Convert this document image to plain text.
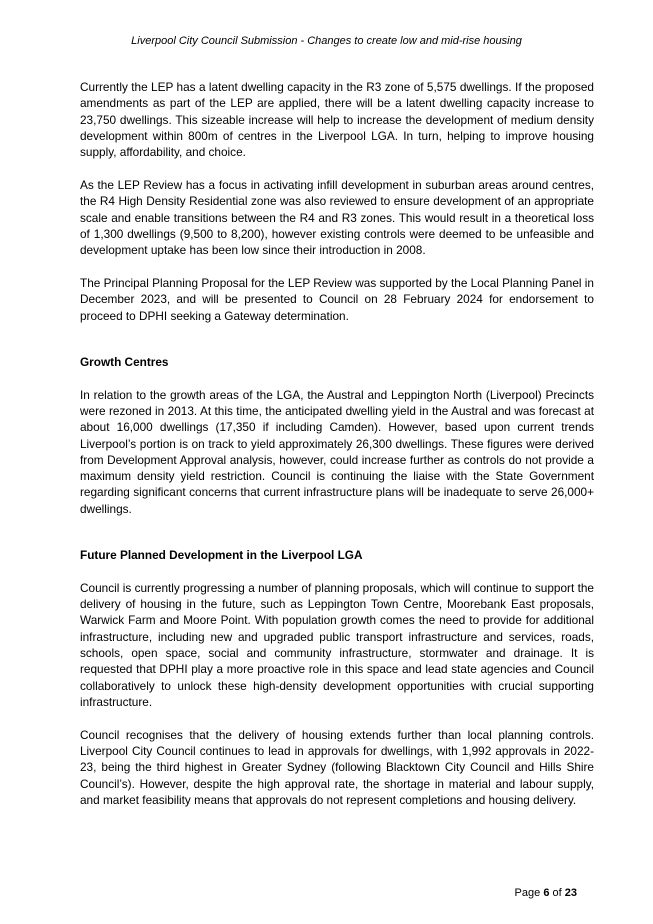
Liverpool City Council Submission - Changes to create low and mid-rise housing

Currently the LEP has a latent dwelling capacity in the R3 zone of 5,575 dwellings. If the proposed amendments as part of the LEP are applied, there will be a latent dwelling capacity increase to 23,750 dwellings. This sizeable increase will help to increase the development of medium density development within 800m of centres in the Liverpool LGA. In turn, helping to improve housing supply, affordability, and choice.

As the LEP Review has a focus in activating infill development in suburban areas around centres, the R4 High Density Residential zone was also reviewed to ensure development of an appropriate scale and enable transitions between the R4 and R3 zones. This would result in a theoretical loss of 1,300 dwellings (9,500 to 8,200), however existing controls were deemed to be unfeasible and development uptake has been low since their introduction in 2008.

The Principal Planning Proposal for the LEP Review was supported by the Local Planning Panel in December 2023, and will be presented to Council on 28 February 2024 for endorsement to proceed to DPHI seeking a Gateway determination.

Growth Centres

In relation to the growth areas of the LGA, the Austral and Leppington North (Liverpool) Precincts were rezoned in 2013. At this time, the anticipated dwelling yield in the Austral and was forecast at about 16,000 dwellings (17,350 if including Camden). However, based upon current trends Liverpool’s portion is on track to yield approximately 26,300 dwellings. These figures were derived from Development Approval analysis, however, could increase further as controls do not provide a maximum density yield restriction. Council is continuing the liaise with the State Government regarding significant concerns that current infrastructure plans will be inadequate to serve 26,000+ dwellings.

Future Planned Development in the Liverpool LGA

Council is currently progressing a number of planning proposals, which will continue to support the delivery of housing in the future, such as Leppington Town Centre, Moorebank East proposals, Warwick Farm and Moore Point. With population growth comes the need to provide for additional infrastructure, including new and upgraded public transport infrastructure and services, roads, schools, open space, social and community infrastructure, stormwater and drainage. It is requested that DPHI play a more proactive role in this space and lead state agencies and Council collaboratively to unlock these high-density development opportunities with crucial supporting infrastructure.

Council recognises that the delivery of housing extends further than local planning controls. Liverpool City Council continues to lead in approvals for dwellings, with 1,992 approvals in 2022-23, being the third highest in Greater Sydney (following Blacktown City Council and Hills Shire Council’s). However, despite the high approval rate, the shortage in material and labour supply, and market feasibility means that approvals do not represent completions and housing delivery.

Page 6 of 23
